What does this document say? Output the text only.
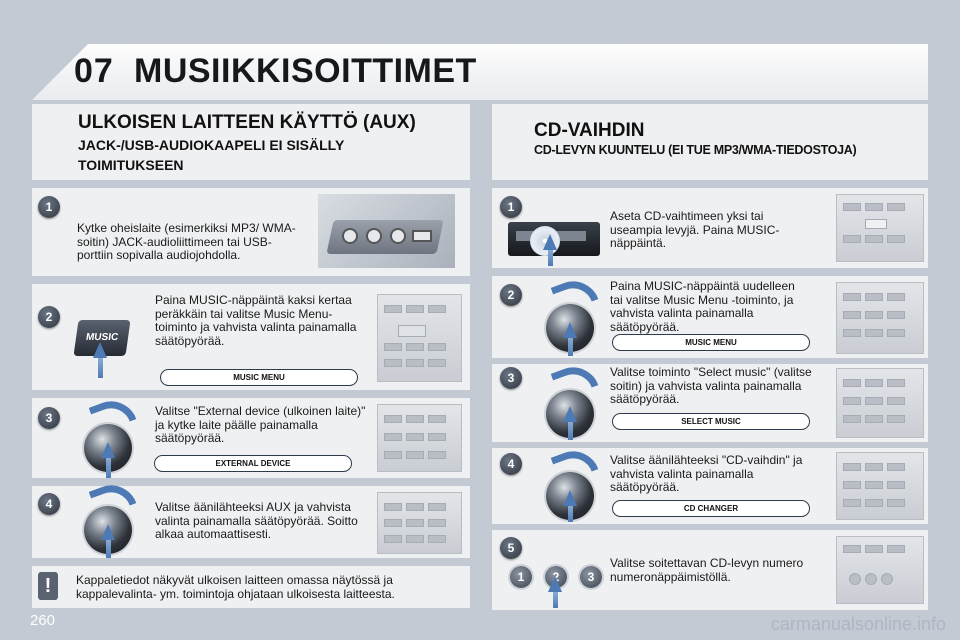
07 MUSIIKKISOITTIMET
ULKOISEN LAITTEEN KÄYTTÖ (AUX)
JACK-/USB-AUDIOKAAPELI EI SISÄLLY TOIMITUKSEEN
CD-VAIHDIN
CD-LEVYN KUUNTELU (EI TUE MP3/WMA-TIEDOSTOJA)
1
Kytke oheislaite (esimerkiksi MP3/ WMA-soitin) JACK-audioliittimeen tai USB-porttiin sopivalla audiojohdolla.
2
MUSIC
Paina MUSIC-näppäintä kaksi kertaa peräkkäin tai valitse Music Menu-toiminto ja vahvista valinta painamalla säätöpyörää.
MUSIC MENU
3	Valitse "External device (ulkoinen laite)" ja kytke laite päälle painamalla säätöpyörää.
EXTERNAL DEVICE
4	Valitse äänilähteeksi AUX ja vahvista valinta painamalla säätöpyörää. Soitto alkaa automaattisesti.
!	Kappaletiedot näkyvät ulkoisen laitteen omassa näytössä ja kappalevalinta- ym. toimintoja ohjataan ulkoisesta laitteesta.
1
Aseta CD-vaihtimeen yksi tai useampia levyjä. Paina MUSIC-näppäintä.
2
Paina MUSIC-näppäintä uudelleen tai valitse Music Menu -toiminto, ja vahvista valinta painamalla säätöpyörää.
MUSIC MENU
3	Valitse toiminto "Select music" (valitse soitin) ja vahvista valinta painamalla säätöpyörää.
SELECT MUSIC
4	Valitse äänilähteeksi "CD-vaihdin" ja vahvista valinta painamalla säätöpyörää.
CD CHANGER
5
1	2	3
Valitse soitettavan CD-levyn numero numeronäppäimistöllä.
260	carmanualsonline.info
